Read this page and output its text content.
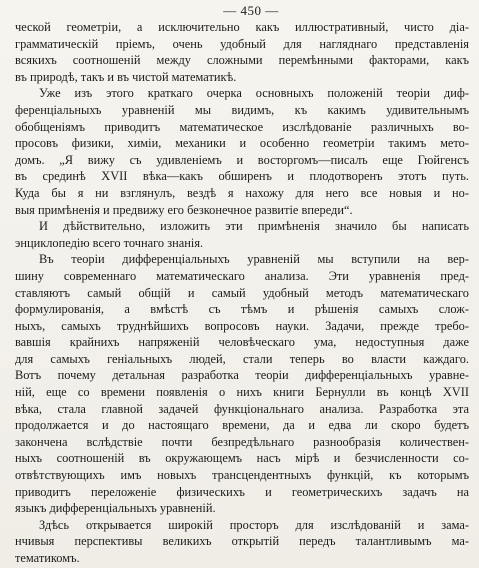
— 450 —
ческой геометріи, а исключительно какъ иллюстративный, чисто діа-
грамматическій пріемъ, очень удобный для нагляднаго представленія
всякихъ соотношеній между сложными перемѣнными факторами, какъ
въ природѣ, такъ и въ чистой математикѣ.
Уже изъ этого краткаго очерка основныхъ положеній теоріи диф-
ференціальныхъ уравненій мы видимъ, къ какимъ удивительнымъ
обобщеніямъ приводитъ математическое изслѣдованіе различныхъ во-
просовъ физики, химіи, механики и особенно геометріи такимъ мето-
домъ. „Я вижу съ удивленіемъ и восторгомъ—писалъ еще Гюйгенсъ
въ срединѣ XVII вѣка—какъ обширенъ и плодотворенъ этотъ путь.
Куда бы я ни взглянулъ, вездѣ я нахожу для него все новыя и но-
выя примѣненія и предвижу его безконечное развитіе впереди“.
И дѣйствительно, изложить эти примѣненія значило бы написать
энциклопедію всего точнаго знанія.
Въ теоріи дифференціальныхъ уравненій мы вступили на вер-
шину современнаго математическаго анализа. Эти уравненія пред-
ставляютъ самый общій и самый удобный методъ математическаго
формулированія, а вмѣстѣ съ тѣмъ и рѣшенія самыхъ слож-
ныхъ, самыхъ труднѣйшихъ вопросовъ науки. Задачи, прежде требо-
вавшія крайнихъ напряженій человѣческаго ума, недоступныя даже
для самыхъ геніальныхъ людей, стали теперь во власти каждаго.
Вотъ почему детальная разработка теоріи дифференціальныхъ уравне-
ній, еще со времени появленія о нихъ книги Бернулли въ концѣ XVII
вѣка, стала главной задачей функціональнаго анализа. Разработка эта
продолжается и до настоящаго времени, да и едва ли скоро будетъ
закончена вслѣдствіе почти безпредѣльнаго разнообразія количествен-
ныхъ соотношеній въ окружающемъ насъ мірѣ и безчисленности со-
отвѣтствующихъ имъ новыхъ трансцендентныхъ функцій, къ которымъ
приводитъ переложеніе физическихъ и геометрическихъ задачъ на
языкъ дифференціальныхъ уравненій.
Здѣсь открывается широкій просторъ для изслѣдованій и зама-
нчивыя перспективы великихъ открытій передъ талантливымъ ма-
тематикомъ.
